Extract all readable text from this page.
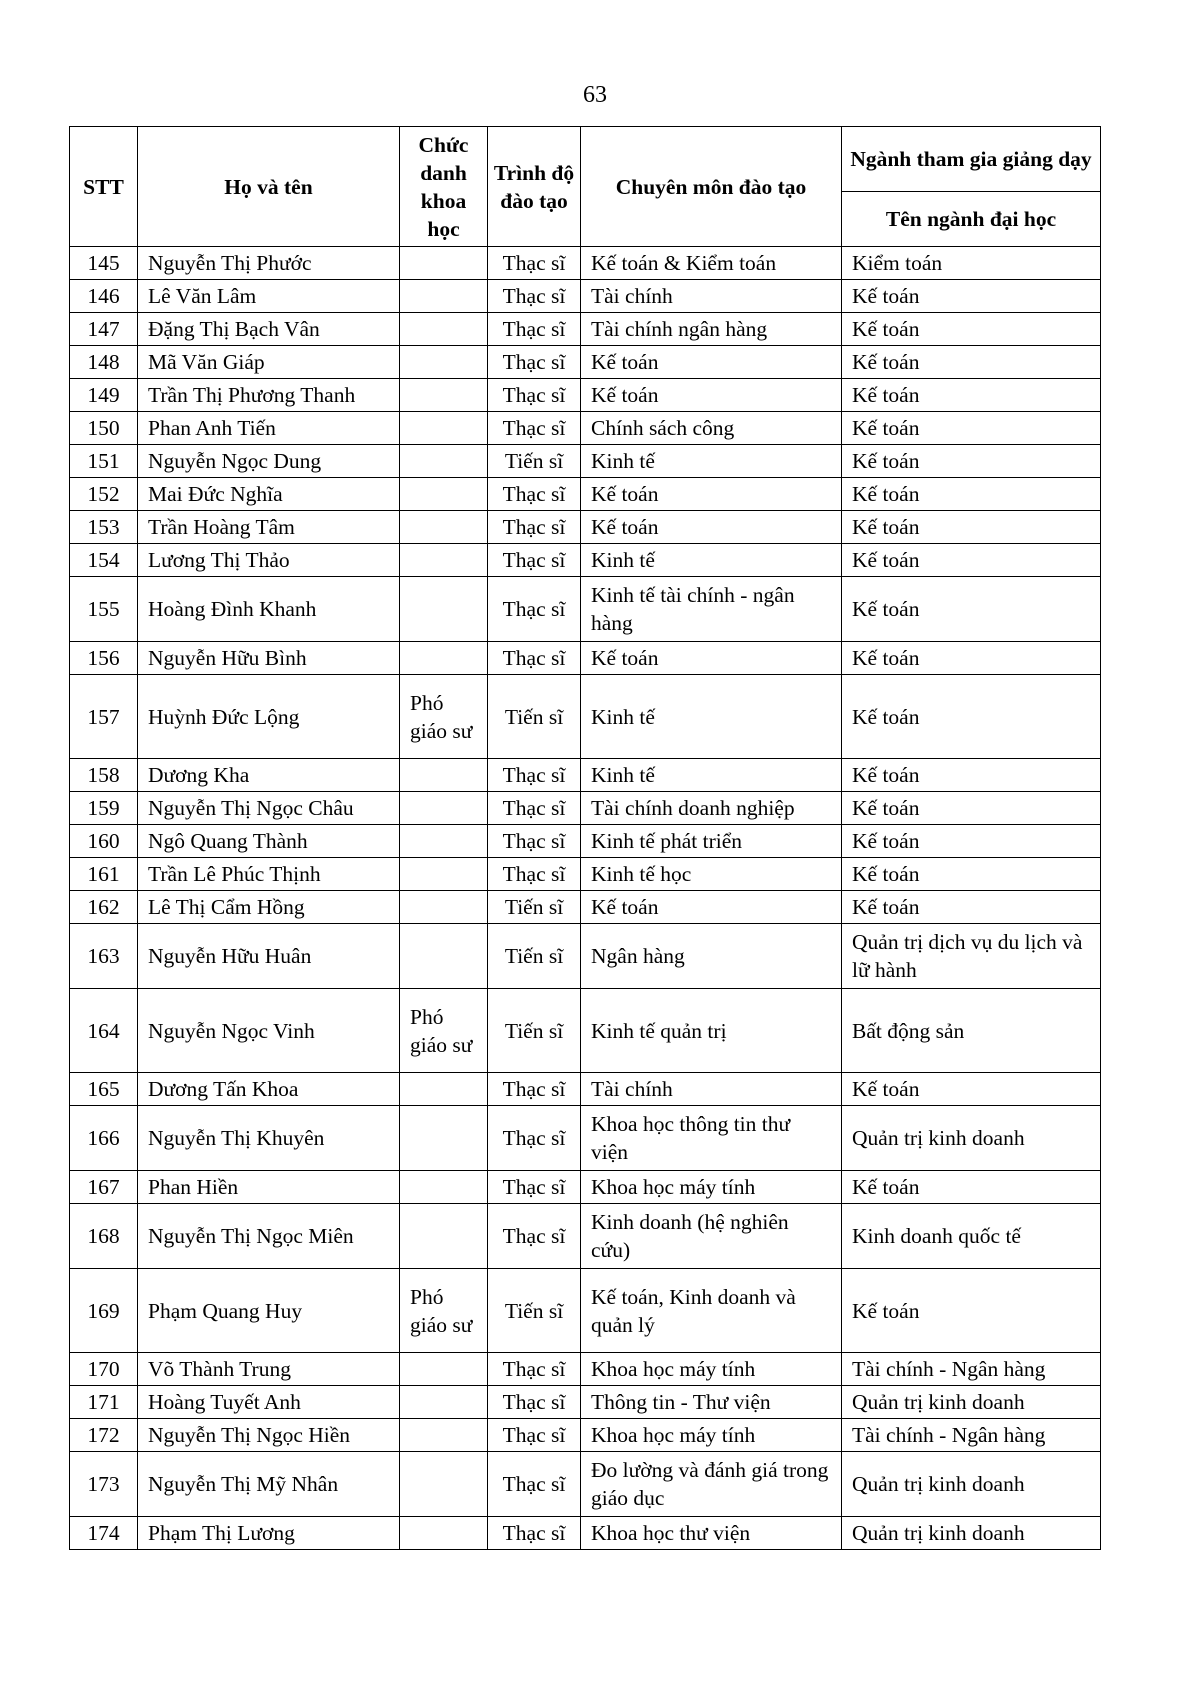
63
STT	Họ và tên	Chức danh khoa học	Trình độ đào tạo	Chuyên môn đào tạo	Ngành tham gia giảng dạy
					Tên ngành đại học
145	Nguyễn Thị Phước		Thạc sĩ	Kế toán & Kiểm toán	Kiểm toán
146	Lê Văn Lâm		Thạc sĩ	Tài chính	Kế toán
147	Đặng Thị Bạch Vân		Thạc sĩ	Tài chính ngân hàng	Kế toán
148	Mã Văn Giáp		Thạc sĩ	Kế toán	Kế toán
149	Trần Thị Phương Thanh		Thạc sĩ	Kế toán	Kế toán
150	Phan Anh Tiến		Thạc sĩ	Chính sách công	Kế toán
151	Nguyễn Ngọc Dung		Tiến sĩ	Kinh tế	Kế toán
152	Mai Đức Nghĩa		Thạc sĩ	Kế toán	Kế toán
153	Trần Hoàng Tâm		Thạc sĩ	Kế toán	Kế toán
154	Lương Thị Thảo		Thạc sĩ	Kinh tế	Kế toán
155	Hoàng Đình Khanh		Thạc sĩ	Kinh tế tài chính - ngân hàng	Kế toán
156	Nguyễn Hữu Bình		Thạc sĩ	Kế toán	Kế toán
157	Huỳnh Đức Lộng	Phó giáo sư	Tiến sĩ	Kinh tế	Kế toán
158	Dương Kha		Thạc sĩ	Kinh tế	Kế toán
159	Nguyễn Thị Ngọc Châu		Thạc sĩ	Tài chính doanh nghiệp	Kế toán
160	Ngô Quang Thành		Thạc sĩ	Kinh tế phát triển	Kế toán
161	Trần Lê Phúc Thịnh		Thạc sĩ	Kinh tế học	Kế toán
162	Lê Thị Cẩm Hồng		Tiến sĩ	Kế toán	Kế toán
163	Nguyễn Hữu Huân		Tiến sĩ	Ngân hàng	Quản trị dịch vụ du lịch và lữ hành
164	Nguyễn Ngọc Vinh	Phó giáo sư	Tiến sĩ	Kinh tế quản trị	Bất động sản
165	Dương Tấn Khoa		Thạc sĩ	Tài chính	Kế toán
166	Nguyễn Thị Khuyên		Thạc sĩ	Khoa học thông tin thư viện	Quản trị kinh doanh
167	Phan Hiền		Thạc sĩ	Khoa học máy tính	Kế toán
168	Nguyễn Thị Ngọc Miên		Thạc sĩ	Kinh doanh (hệ nghiên cứu)	Kinh doanh quốc tế
169	Phạm Quang Huy	Phó giáo sư	Tiến sĩ	Kế toán, Kinh doanh và quản lý	Kế toán
170	Võ Thành Trung		Thạc sĩ	Khoa học máy tính	Tài chính - Ngân hàng
171	Hoàng Tuyết Anh		Thạc sĩ	Thông tin - Thư viện	Quản trị kinh doanh
172	Nguyễn Thị Ngọc Hiền		Thạc sĩ	Khoa học máy tính	Tài chính - Ngân hàng
173	Nguyễn Thị Mỹ Nhân		Thạc sĩ	Đo lường và đánh giá trong giáo dục	Quản trị kinh doanh
174	Phạm Thị Lương		Thạc sĩ	Khoa học thư viện	Quản trị kinh doanh
